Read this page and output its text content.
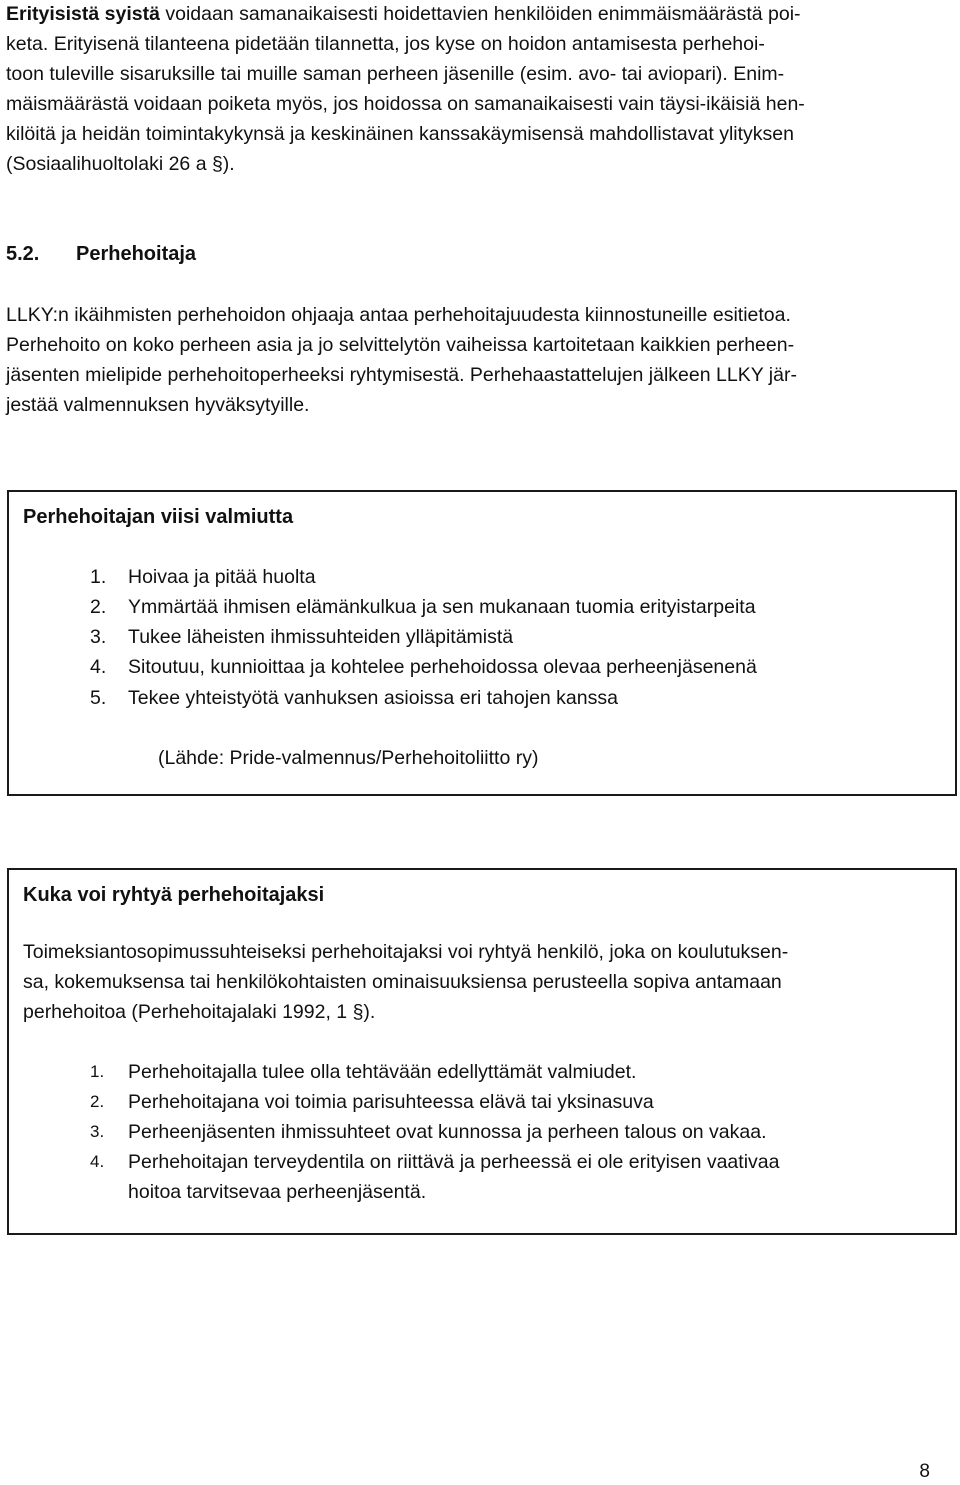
Erityisistä syistä voidaan samanaikaisesti hoidettavien henkilöiden enimmäismäärästä poi-
keta. Erityisenä tilanteena pidetään tilannetta, jos kyse on hoidon antamisesta perhehoi-
toon tuleville sisaruksille tai muille saman perheen jäsenille (esim. avo- tai aviopari). Enim-
mäismäärästä voidaan poiketa myös, jos hoidossa on samanaikaisesti vain täysi-ikäisiä hen-
kilöitä ja heidän toimintakykynsä ja keskinäinen kanssakäymisensä mahdollistavat ylityksen
(Sosiaalihuoltolaki 26 a §).
5.2. Perhehoitaja
LLKY:n ikäihmisten perhehoidon ohjaaja antaa perhehoitajuudesta kiinnostuneille esitietoa.
Perhehoito on koko perheen asia ja jo selvittelytön vaiheissa kartoitetaan kaikkien perheen-
jäsenten mielipide perhehoitoperheeksi ryhtymisestä. Perhehaastattelujen jälkeen LLKY jär-
jestää valmennuksen hyväksytyille.
Perhehoitajan viisi valmiutta
1. Hoivaa ja pitää huolta
2. Ymmärtää ihmisen elämänkulkua ja sen mukanaan tuomia erityistarpeita
3. Tukee läheisten ihmissuhteiden ylläpitämistä
4. Sitoutuu, kunnioittaa ja kohtelee perhehoidossa olevaa perheenjäsenenä
5. Tekee yhteistyötä vanhuksen asioissa eri tahojen kanssa
(Lähde: Pride-valmennus/Perhehoitoliitto ry)
Kuka voi ryhtyä perhehoitajaksi
Toimeksiantosopimussuhteiseksi perhehoitajaksi voi ryhtyä henkilö, joka on koulutuksen-
sa, kokemuksensa tai henkilökohtaisten ominaisuuksiensa perusteella sopiva antamaan
perhehoitoa (Perhehoitajalaki 1992, 1 §).
1. Perhehoitajalla tulee olla tehtävään edellyttämät valmiudet.
2. Perhehoitajana voi toimia parisuhteessa elävä tai yksinasuva
3. Perheenjäsenten ihmissuhteet ovat kunnossa ja perheen talous on vakaa.
4. Perhehoitajan terveydentila on riittävä ja perheessä ei ole erityisen vaativaa
hoitoa tarvitsevaa perheenjäsentä.
8
